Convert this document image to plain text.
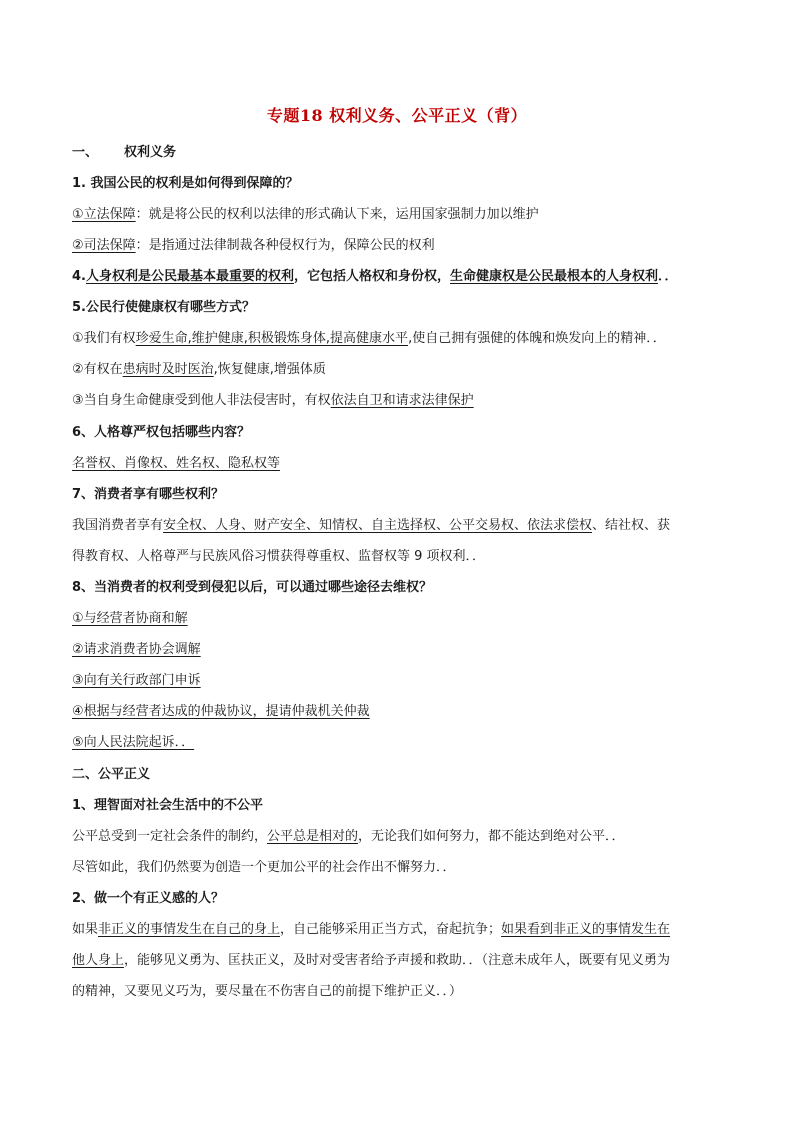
专题18 权利义务、公平正义（背）
一、 权利义务
1. 我国公民的权利是如何得到保障的？
①立法保障：就是将公民的权利以法律的形式确认下来，运用国家强制力加以维护
②司法保障：是指通过法律制裁各种侵权行为，保障公民的权利
4.人身权利是公民最基本最重要的权利，它包括人格权和身份权，生命健康权是公民最根本的人身权利．．
5.公民行使健康权有哪些方式？
①我们有权珍爱生命,维护健康,积极锻炼身体,提高健康水平,使自己拥有强健的体魄和焕发向上的精神．．
②有权在患病时及时医治,恢复健康,增强体质
③当自身生命健康受到他人非法侵害时，有权依法自卫和请求法律保护
6、人格尊严权包括哪些内容？
名誉权、肖像权、姓名权、隐私权等
7、消费者享有哪些权利？
我国消费者享有安全权、人身、财产安全、知情权、自主选择权、公平交易权、依法求偿权、结社权、获
得教育权、人格尊严与民族风俗习惯获得尊重权、监督权等 9 项权利．．
8、当消费者的权利受到侵犯以后，可以通过哪些途径去维权？
①与经营者协商和解
②请求消费者协会调解
③向有关行政部门申诉
④根据与经营者达成的仲裁协议，提请仲裁机关仲裁
⑤向人民法院起诉．．
二、公平正义
1、理智面对社会生活中的不公平
公平总受到一定社会条件的制约，公平总是相对的，无论我们如何努力，都不能达到绝对公平．．
尽管如此，我们仍然要为创造一个更加公平的社会作出不懈努力．．
2、做一个有正义感的人？
如果非正义的事情发生在自己的身上，自己能够采用正当方式，奋起抗争；如果看到非正义的事情发生在
他人身上，能够见义勇为、匡扶正义，及时对受害者给予声援和救助．．（注意未成年人，既要有见义勇为
的精神，又要见义巧为，要尽量在不伤害自己的前提下维护正义．．）
